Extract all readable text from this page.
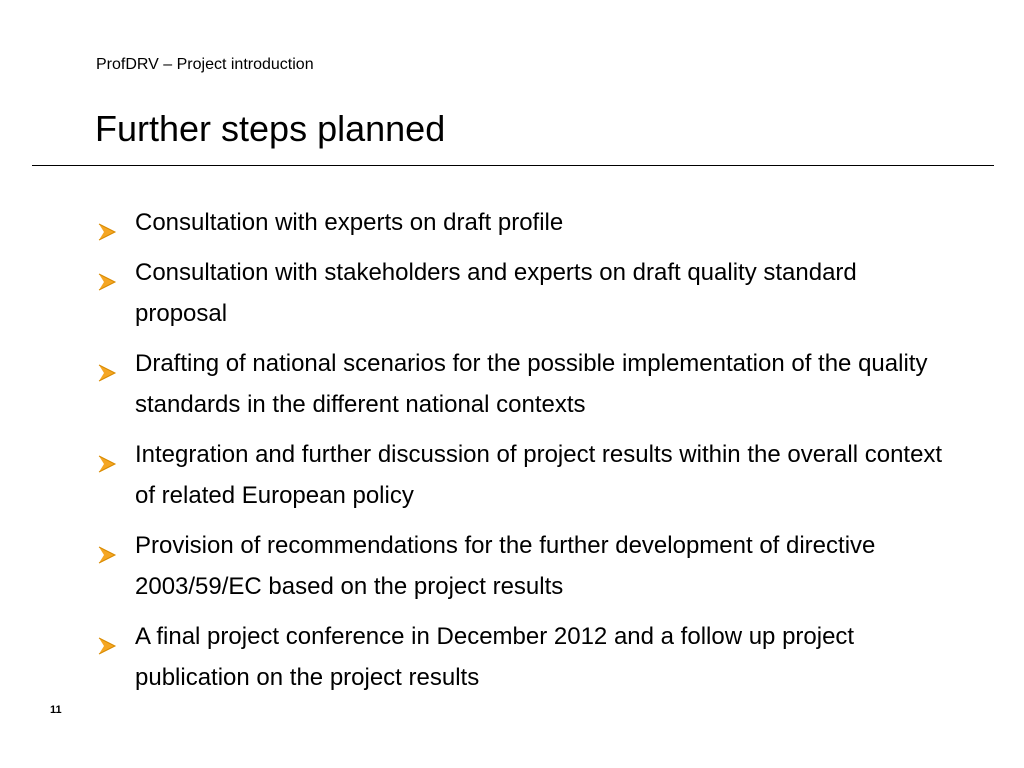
ProfDRV – Project introduction
Further steps planned
Consultation with experts on draft profile
Consultation with stakeholders and experts on draft quality standard proposal
Drafting of national scenarios for the possible implementation of the quality standards in the different national contexts
Integration and further discussion of project results within the overall context of related European policy
Provision of recommendations for the further development of directive 2003/59/EC based on the project results
A final project conference in December 2012 and a follow up project publication on the project results
11
